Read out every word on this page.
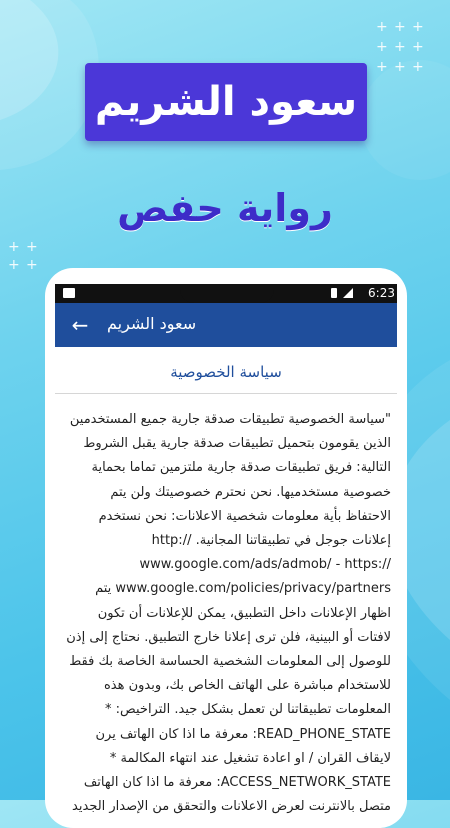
+ + +
+ + +
+ + +
+ +
+ +
سعود الشريم
رواية حفص
6:23
← سعود الشريم
سياسة الخصوصية

"سياسة الخصوصية تطبيقات صدقة جارية جميع المستخدمين الذين يقومون بتحميل تطبيقات صدقة جارية يقبل الشروط التالية: فريق تطبيقات صدقة جارية ملتزمين تماما بحماية خصوصية مستخدميها. نحن نحترم خصوصيتك ولن يتم الاحتفاظ بأية معلومات شخصية الاعلانات: نحن نستخدم إعلانات جوجل في تطبيقاتنا المجانية. http:// www.google.com/ads/admob/ - https:// www.google.com/policies/privacy/partners يتم اظهار الإعلانات داخل التطبيق، يمكن للإعلانات أن تكون لافتات أو البينية، فلن ترى إعلانا خارج التطبيق. نحتاج إلى إذن للوصول إلى المعلومات الشخصية الحساسة الخاصة بك فقط للاستخدام مباشرة على الهاتف الخاص بك، وبدون هذه المعلومات تطبيقاتنا لن تعمل بشكل جيد. التراخيص: * READ_PHONE_STATE: معرفة ما اذا كان الهاتف يرن لايقاف القران / او اعادة تشغيل عند انتهاء المكالمة * ACCESS_NETWORK_STATE: معرفة ما اذا كان الهاتف متصل بالانترنت لعرض الاعلانات والتحقق من الإصدار الجديد
